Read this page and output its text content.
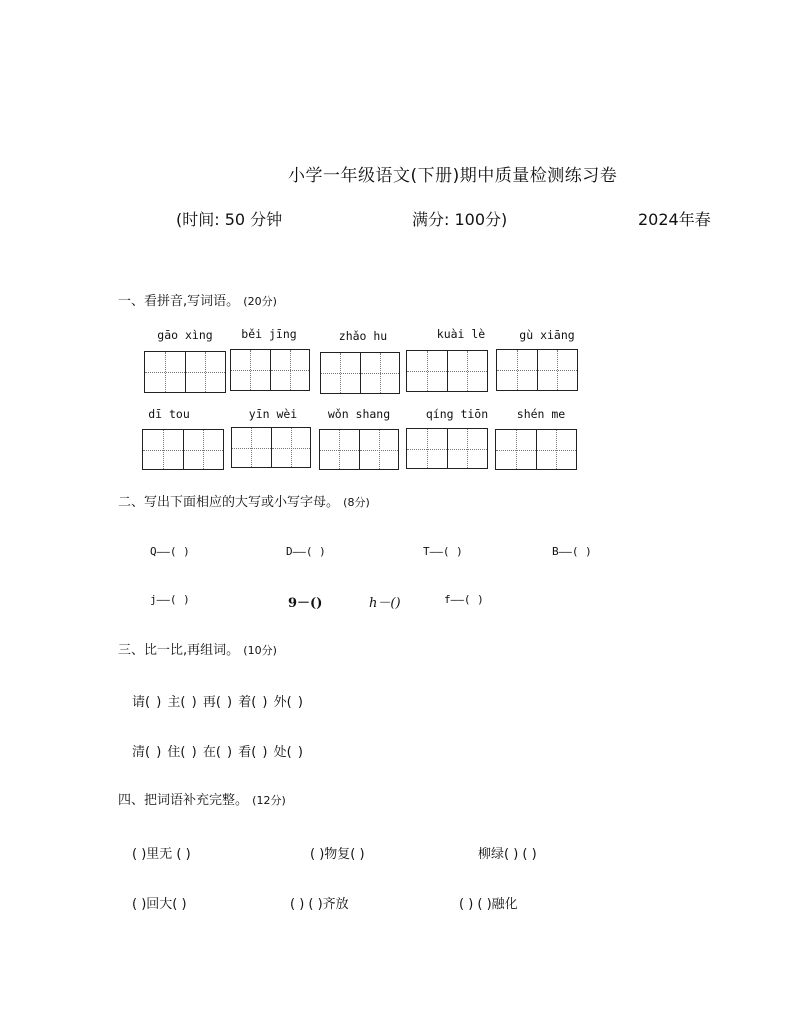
小学一年级语文(下册)期中质量检测练习卷
(时间: 50 分钟	满分: 100分)	2024年春
一、看拼音,写词语。 (20分)
gāo xìng	běi jīng	zhǎo hu	kuài lè	gù xiāng
dī tou	yīn wèi	wǒn shang	qíng tiōn	shén me
二、写出下面相应的大写或小写字母。 (8分)
Q——( )	D——( )	T——( )	B——( )
j——( )	9－()	h－()	f——( )
三、比一比,再组词。 (10分)
请( ) 主( ) 再( ) 着( ) 外( )
清( ) 住( ) 在( ) 看( ) 处( )
四、把词语补充完整。 (12分)
( )里无 ( )	( )物复( )	柳绿( ) ( )
( )回大( )	( ) ( )齐放	( ) ( )融化
